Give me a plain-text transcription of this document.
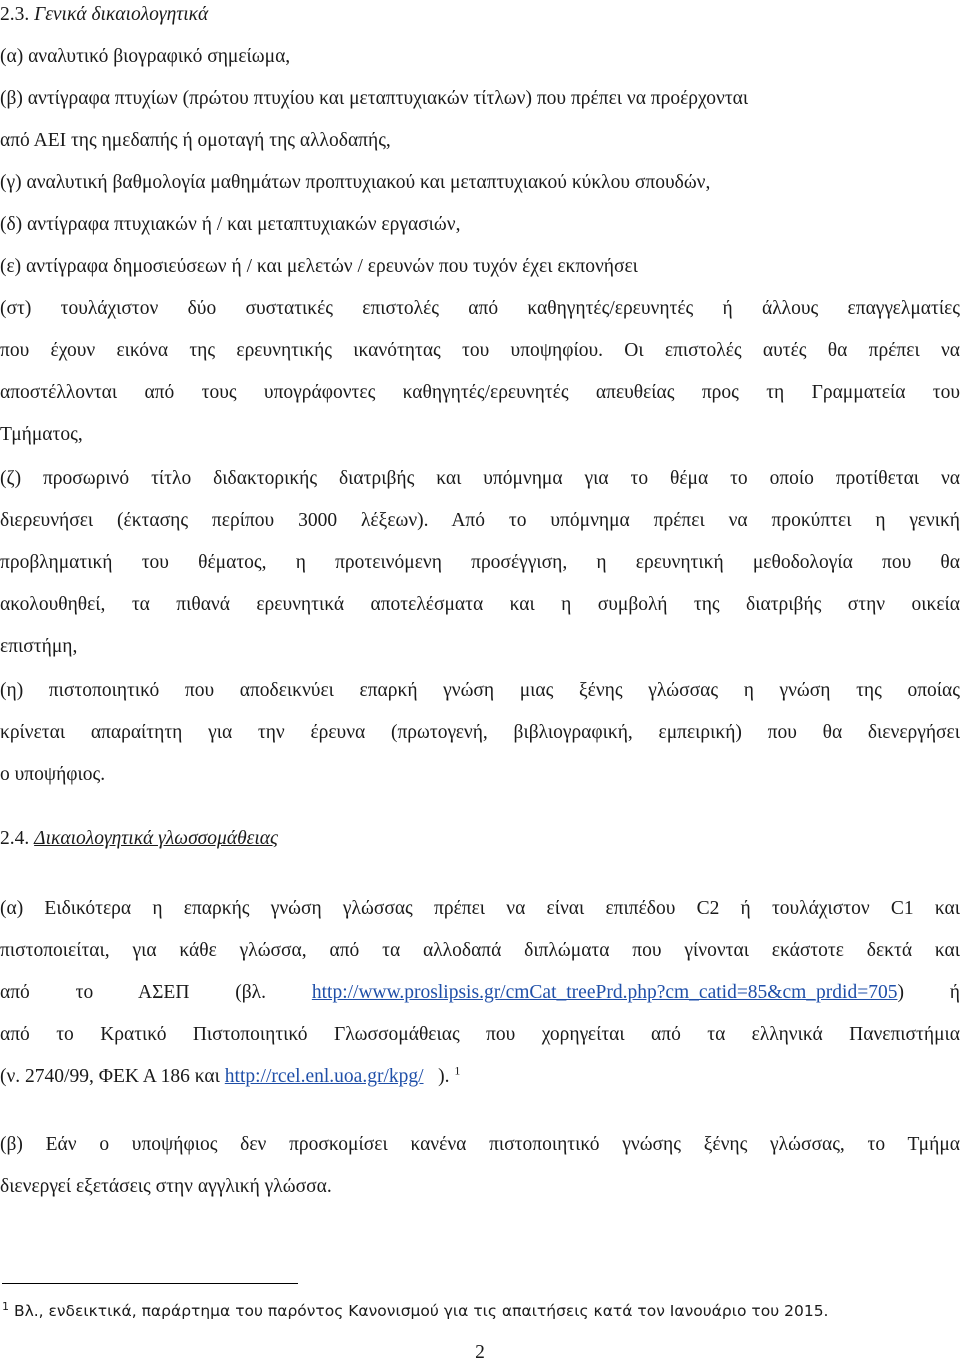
2.3. Γενικά δικαιολογητικά

(α) αναλυτικό βιογραφικό σημείωμα,

(β) αντίγραφα πτυχίων (πρώτου πτυχίου και μεταπτυχιακών τίτλων) που πρέπει να προέρχονται

από ΑΕΙ της ημεδαπής ή ομοταγή της αλλοδαπής,

(γ) αναλυτική βαθμολογία μαθημάτων προπτυχιακού και μεταπτυχιακού κύκλου σπουδών,

(δ) αντίγραφα πτυχιακών ή / και μεταπτυχιακών εργασιών,

(ε) αντίγραφα δημοσιεύσεων ή / και μελετών / ερευνών που τυχόν έχει εκπονήσει

(στ) τουλάχιστον δύο συστατικές επιστολές από καθηγητές/ερευνητές ή άλλους επαγγελματίες

που έχουν εικόνα της ερευνητικής ικανότητας του υποψηφίου. Οι επιστολές αυτές θα πρέπει να

αποστέλλονται από τους υπογράφοντες καθηγητές/ερευνητές απευθείας προς τη Γραμματεία του

Τμήματος,

(ζ) προσωρινό τίτλο διδακτορικής διατριβής και υπόμνημα για το θέμα το οποίο προτίθεται να

διερευνήσει (έκτασης περίπου 3000 λέξεων). Από το υπόμνημα πρέπει να προκύπτει η γενική

προβληματική του θέματος, η προτεινόμενη προσέγγιση, η ερευνητική μεθοδολογία που θα

ακολουθηθεί, τα πιθανά ερευνητικά αποτελέσματα και η συμβολή της διατριβής στην οικεία

επιστήμη,

(η) πιστοποιητικό που αποδεικνύει επαρκή γνώση μιας ξένης γλώσσας η γνώση της οποίας

κρίνεται απαραίτητη για την έρευνα (πρωτογενή, βιβλιογραφική, εμπειρική) που θα διενεργήσει

ο υποψήφιος.

2.4. Δικαιολογητικά γλωσσομάθειας

(α) Ειδικότερα η επαρκής γνώση γλώσσας πρέπει να είναι επιπέδου C2 ή τουλάχιστον C1 και

πιστοποιείται, για κάθε γλώσσα, από τα αλλοδαπά διπλώματα που γίνονται εκάστοτε δεκτά και

από το ΑΣΕΠ (βλ. http://www.proslipsis.gr/cmCat_treePrd.php?cm_catid=85&cm_prdid=705) ή

από το Κρατικό Πιστοποιητικό Γλωσσομάθειας που χορηγείται από τα ελληνικά Πανεπιστήμια

(ν. 2740/99, ΦΕΚ Α 186 και http://rcel.enl.uoa.gr/kpg/ ). $^1$

(β) Εάν ο υποψήφιος δεν προσκομίσει κανένα πιστοποιητικό γνώσης ξένης γλώσσας, το Τμήμα

διενεργεί εξετάσεις στην αγγλική γλώσσα.

$^1$ Βλ., ενδεικτικά, παράρτημα του παρόντος Κανονισμού για τις απαιτήσεις κατά τον Ιανουάριο του 2015.
2
